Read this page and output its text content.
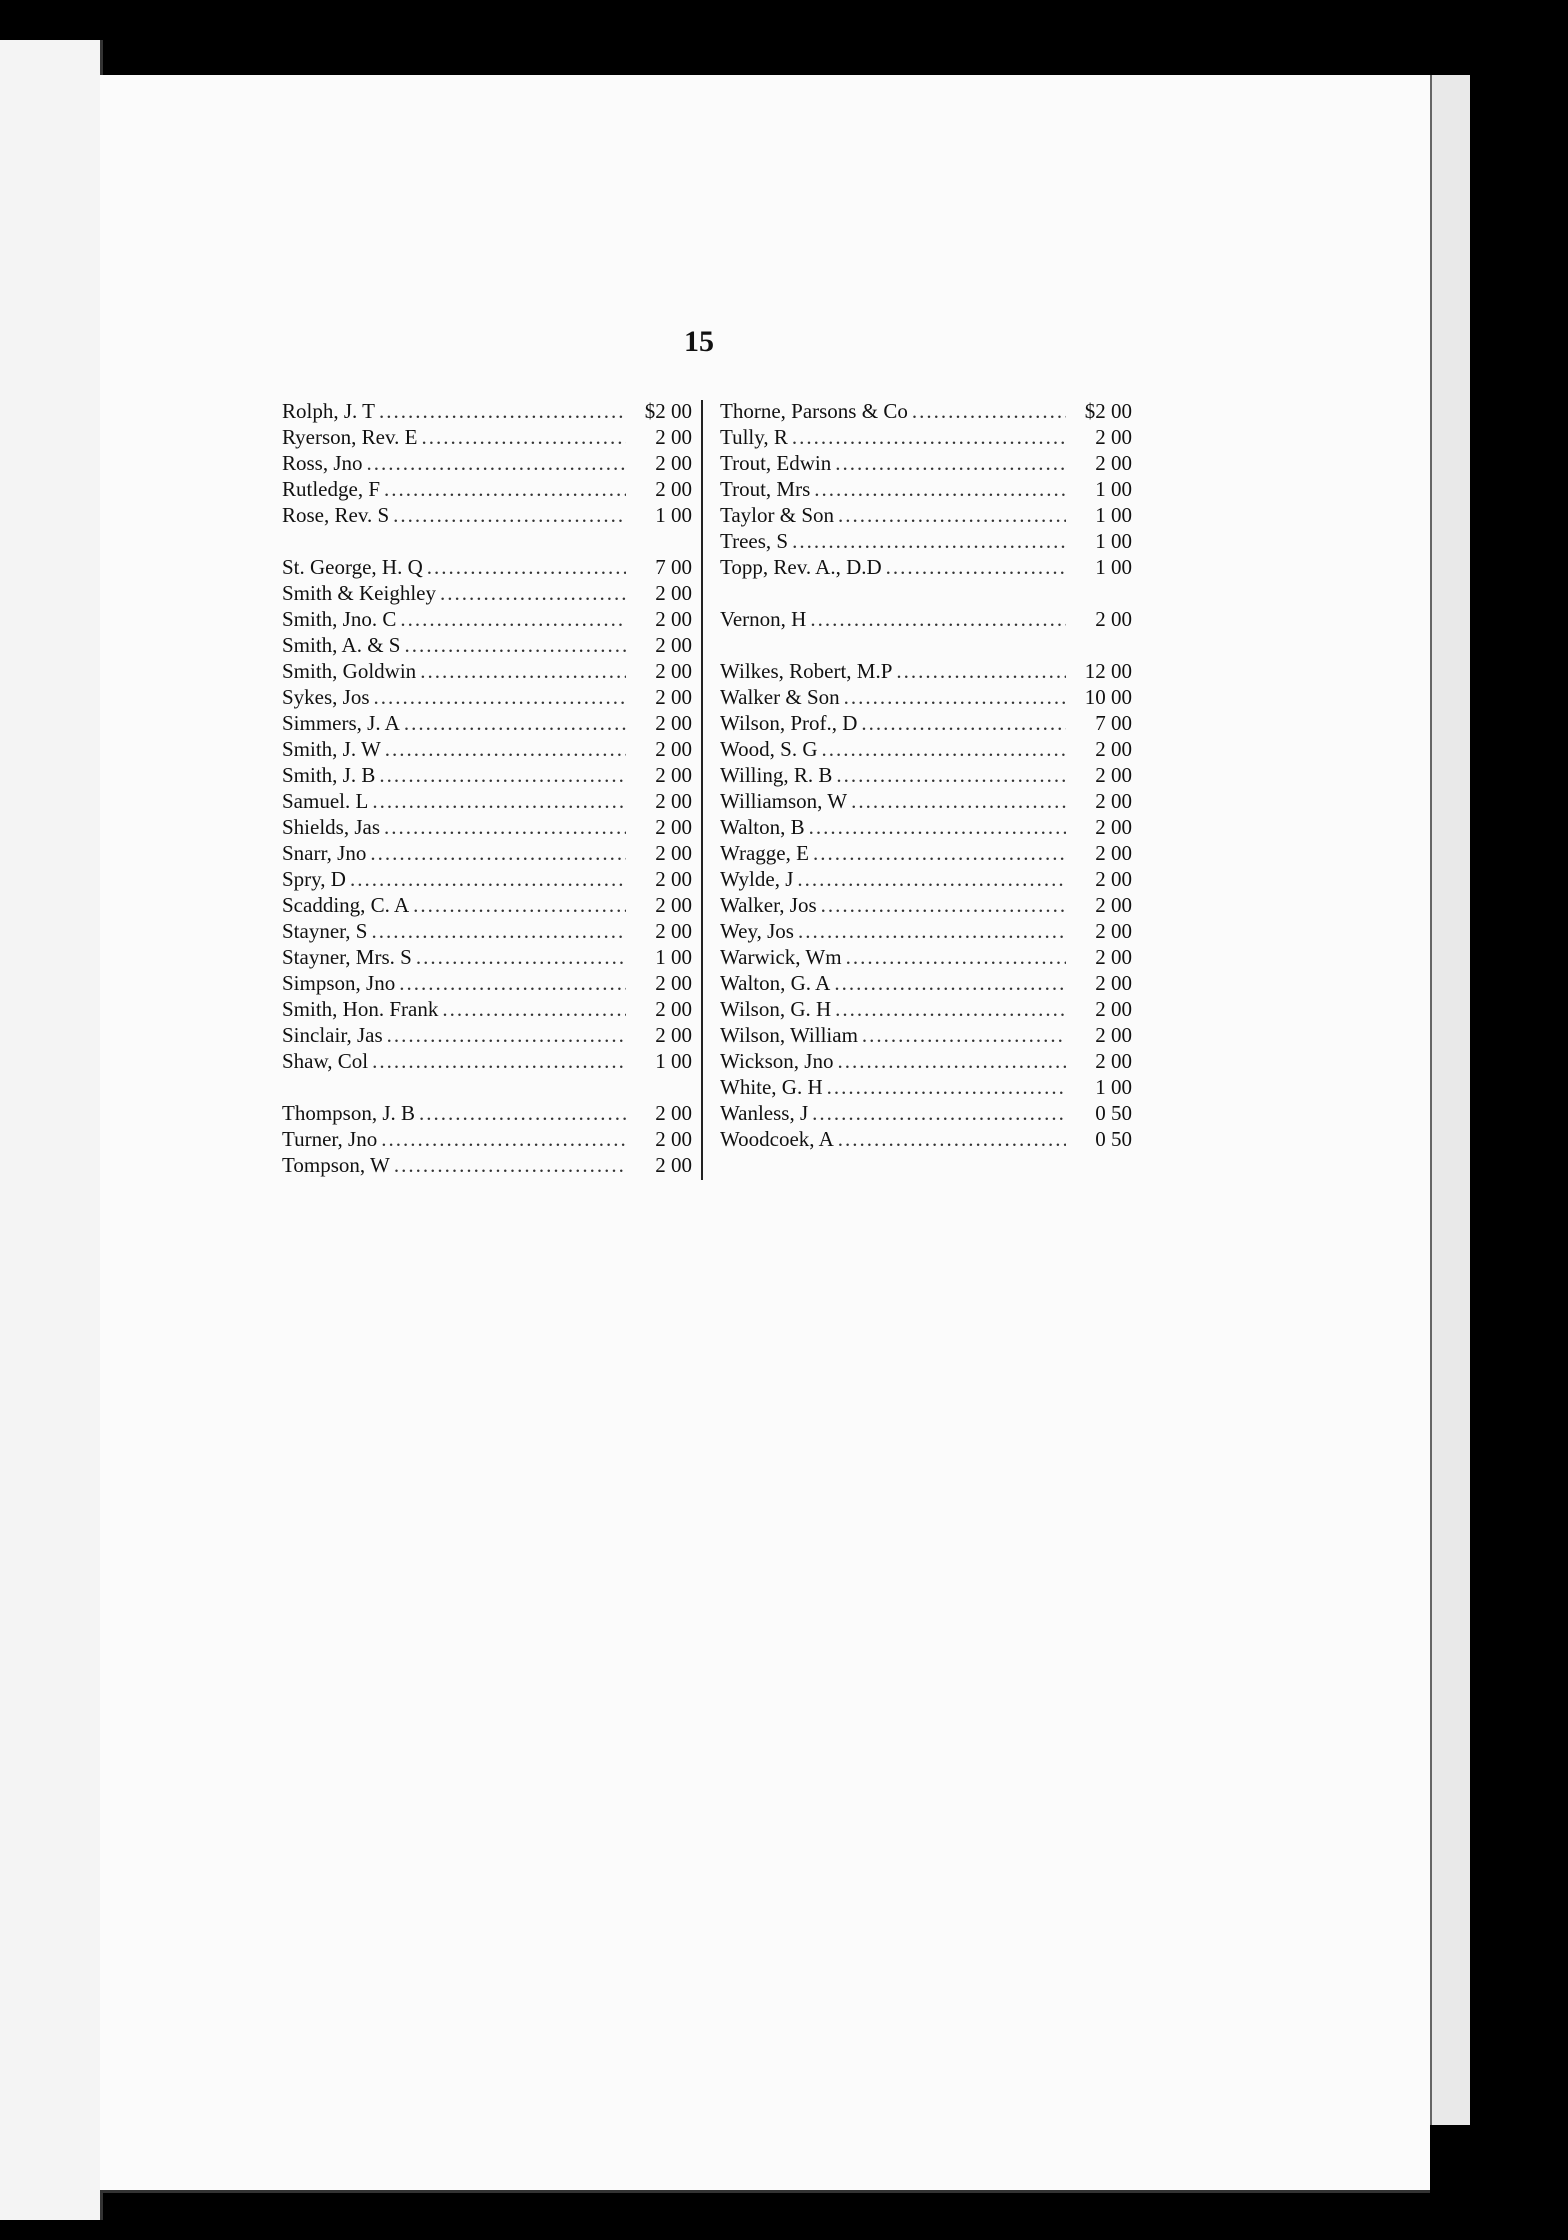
15
Rolph, J. T .....	$2 00
Ryerson, Rev. E .....	2 00
Ross, Jno .....	2 00
Rutledge, F .....	2 00
Rose, Rev. S .....	1 00
St. George, H. Q .....	7 00
Smith & Keighley .....	2 00
Smith, Jno. C .....	2 00
Smith, A. & S .....	2 00
Smith, Goldwin .....	2 00
Sykes, Jos .....	2 00
Simmers, J. A .....	2 00
Smith, J. W .....	2 00
Smith, J. B .....	2 00
Samuel. L .....	2 00
Shields, Jas .....	2 00
Snarr, Jno .....	2 00
Spry, D .....	2 00
Scadding, C. A .....	2 00
Stayner, S .....	2 00
Stayner, Mrs. S .....	1 00
Simpson, Jno .....	2 00
Smith, Hon. Frank .....	2 00
Sinclair, Jas .....	2 00
Shaw, Col .....	1 00
Thompson, J. B .....	2 00
Turner, Jno .....	2 00
Tompson, W .....	2 00
Thorne, Parsons & Co .....	$2 00
Tully, R .....	2 00
Trout, Edwin .....	2 00
Trout, Mrs .....	1 00
Taylor & Son .....	1 00
Trees, S .....	1 00
Topp, Rev. A., D.D .....	1 00
Vernon, H .....	2 00
Wilkes, Robert, M.P .....	12 00
Walker & Son .....	10 00
Wilson, Prof., D .....	7 00
Wood, S. G .....	2 00
Willing, R. B .....	2 00
Williamson, W .....	2 00
Walton, B .....	2 00
Wragge, E .....	2 00
Wylde, J .....	2 00
Walker, Jos .....	2 00
Wey, Jos .....	2 00
Warwick, Wm .....	2 00
Walton, G. A .....	2 00
Wilson, G. H .....	2 00
Wilson, William .....	2 00
Wickson, Jno .....	2 00
White, G. H .....	1 00
Wanless, J .....	0 50
Woodcoek, A .....	0 50
